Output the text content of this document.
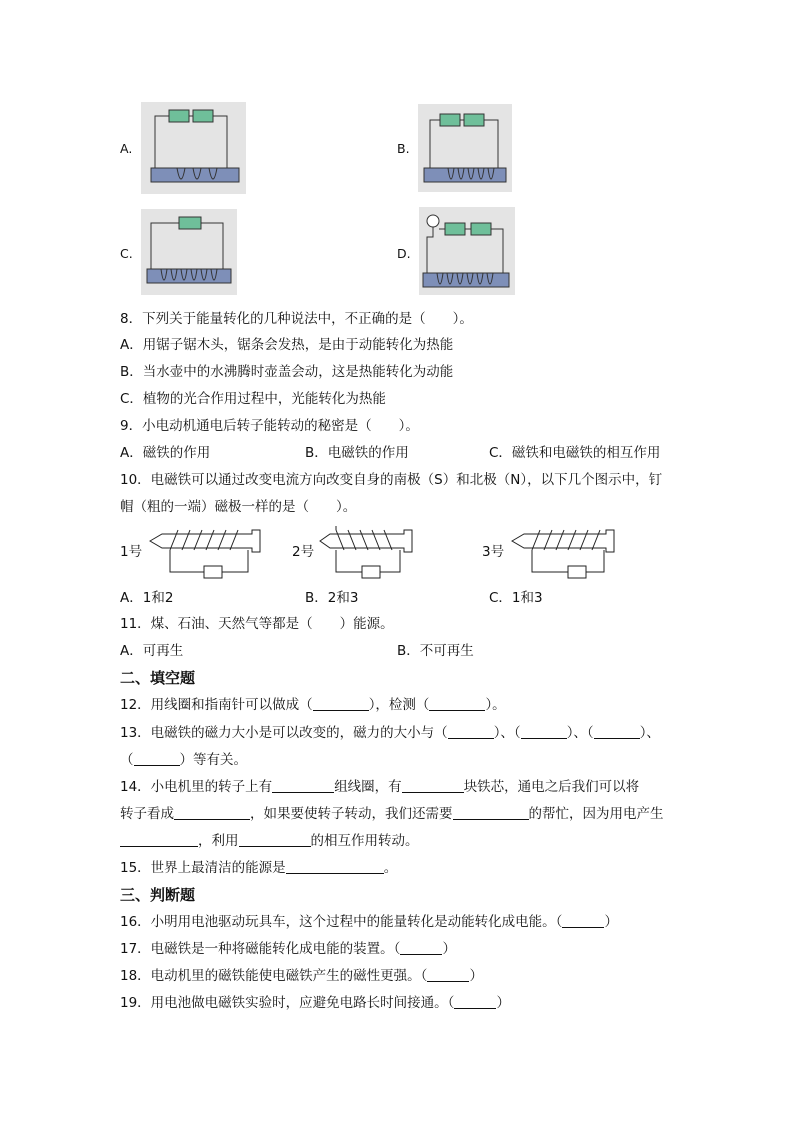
A.	B.
C.	D.
8．下列关于能量转化的几种说法中，不正确的是（　　）。
A．用锯子锯木头，锯条会发热，是由于动能转化为热能
B．当水壶中的水沸腾时壶盖会动，这是热能转化为动能
C．植物的光合作用过程中，光能转化为热能
9．小电动机通电后转子能转动的秘密是（　　）。
A．磁铁的作用	B．电磁铁的作用	C．磁铁和电磁铁的相互作用
10．电磁铁可以通过改变电流方向改变自身的南极（S）和北极（N），以下几个图示中，钉
帽（粗的一端）磁极一样的是（　　）。
1号	2号	3号
A．1和2	B．2和3	C．1和3
11．煤、石油、天然气等都是（　　）能源。
A．可再生	B．不可再生
二、填空题
12．用线圈和指南针可以做成（	），检测（	）。
13．电磁铁的磁力大小是可以改变的，磁力的大小与（	）、（	）、（	）、
（	）等有关。
14．小电机里的转子上有	组线圈，有	块铁芯，通电之后我们可以将
转子看成	，如果要使转子转动，我们还需要	的帮忙，因为用电产生
，利用	的相互作用转动。
15．世界上最清洁的能源是	。
三、判断题
16．小明用电池驱动玩具车，这个过程中的能量转化是动能转化成电能。（	）
17．电磁铁是一种将磁能转化成电能的装置。（	）
18．电动机里的磁铁能使电磁铁产生的磁性更强。（	）
19．用电池做电磁铁实验时，应避免电路长时间接通。（	）
